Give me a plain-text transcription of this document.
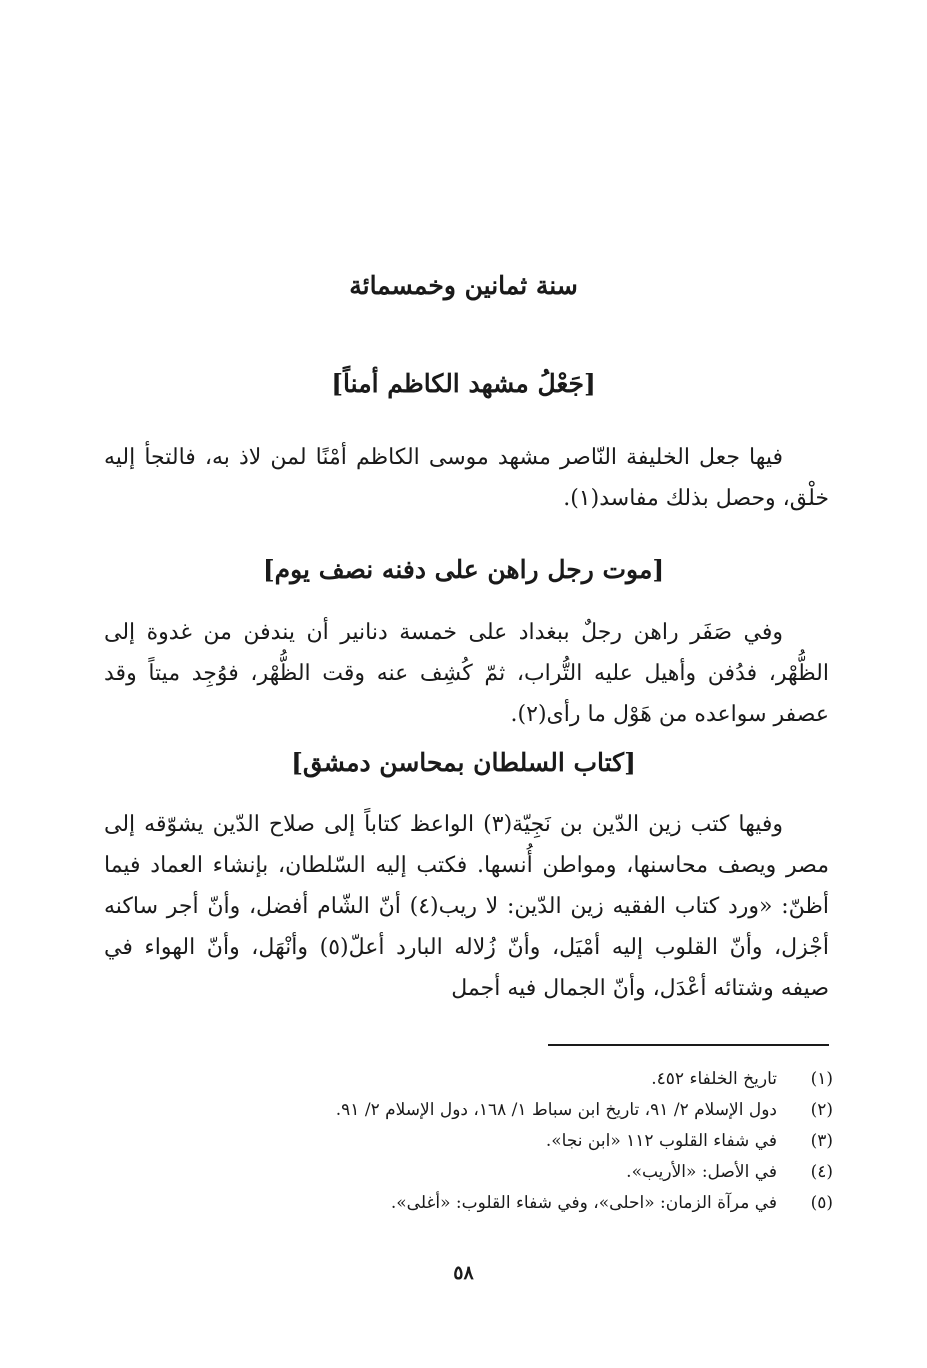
سنة ثمانين وخمسمائة
[جَعْلُ مشهد الكاظم أمناً]
فيها جعل الخليفة النّاصر مشهد موسى الكاظم أمْنًا لمن لاذ به، فالتجأ إليه خلْق، وحصل بذلك مفاسد(١).
[موت رجل راهن على دفنه نصف يوم]
وفي صَفَر راهن رجلٌ ببغداد على خمسة دنانير أن يندفن من غدوة إلى الظُّهْر، فدُفن وأهيل عليه التُّراب، ثمّ كُشِف عنه وقت الظُّهْر، فوُجِد ميتاً وقد عصفر سواعده من هَوْل ما رأى(٢).
[كتاب السلطان بمحاسن دمشق]
وفيها كتب زين الدّين بن نَجِيّة(٣) الواعظ كتاباً إلى صلاح الدّين يشوّقه إلى مصر ويصف محاسنها، ومواطن أُنسها. فكتب إليه السّلطان، بإنشاء العماد فيما أظنّ: «ورد كتاب الفقيه زين الدّين: لا ريب(٤) أنّ الشّام أفضل، وأنّ أجر ساكنه أجْزل، وأنّ القلوب إليه أمْيَل، وأنّ زُلاله البارد أعلّ(٥) وأنْهَل، وأنّ الهواء في صيفه وشتائه أعْدَل، وأنّ الجمال فيه أجمل
(١)
تاريخ الخلفاء ٤٥٢.
(٢)
دول الإسلام ٢/ ٩١، تاريخ ابن سباط ١/ ١٦٨، دول الإسلام ٢/ ٩١.
(٣)
في شفاء القلوب ١١٢ «ابن نجا».
(٤)
في الأصل: «الأريب».
(٥)
في مرآة الزمان: «احلى»، وفي شفاء القلوب: «أغلى».
٥٨
